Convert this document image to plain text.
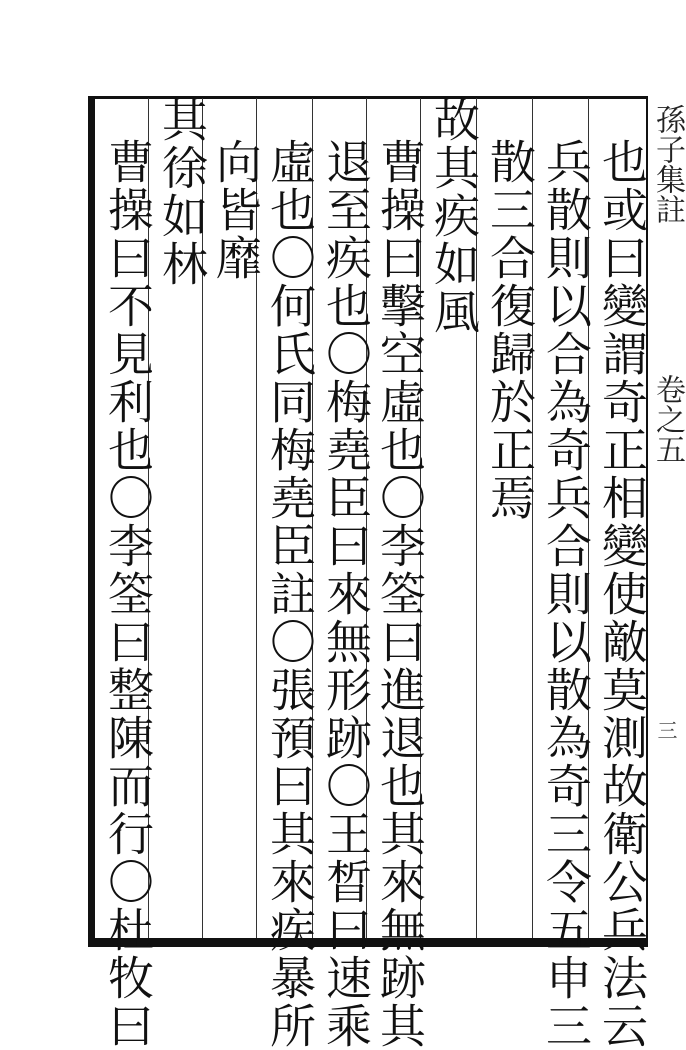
孫子集註卷之五
三
也或曰變謂奇正相變使敵莫測故衛公兵法云
兵散則以合為奇兵合則以散為奇三令五申三
散三合復歸於正焉
故其疾如風
曹操曰擊空虛也〇李筌曰進退也其來無跡其
退至疾也〇梅堯臣曰來無形跡〇王晳曰速乘
虛也〇何氏同梅堯臣註〇張預曰其來疾暴所
向皆靡
其徐如林
曹操曰不見利也〇李筌曰整陳而行〇杜牧曰
